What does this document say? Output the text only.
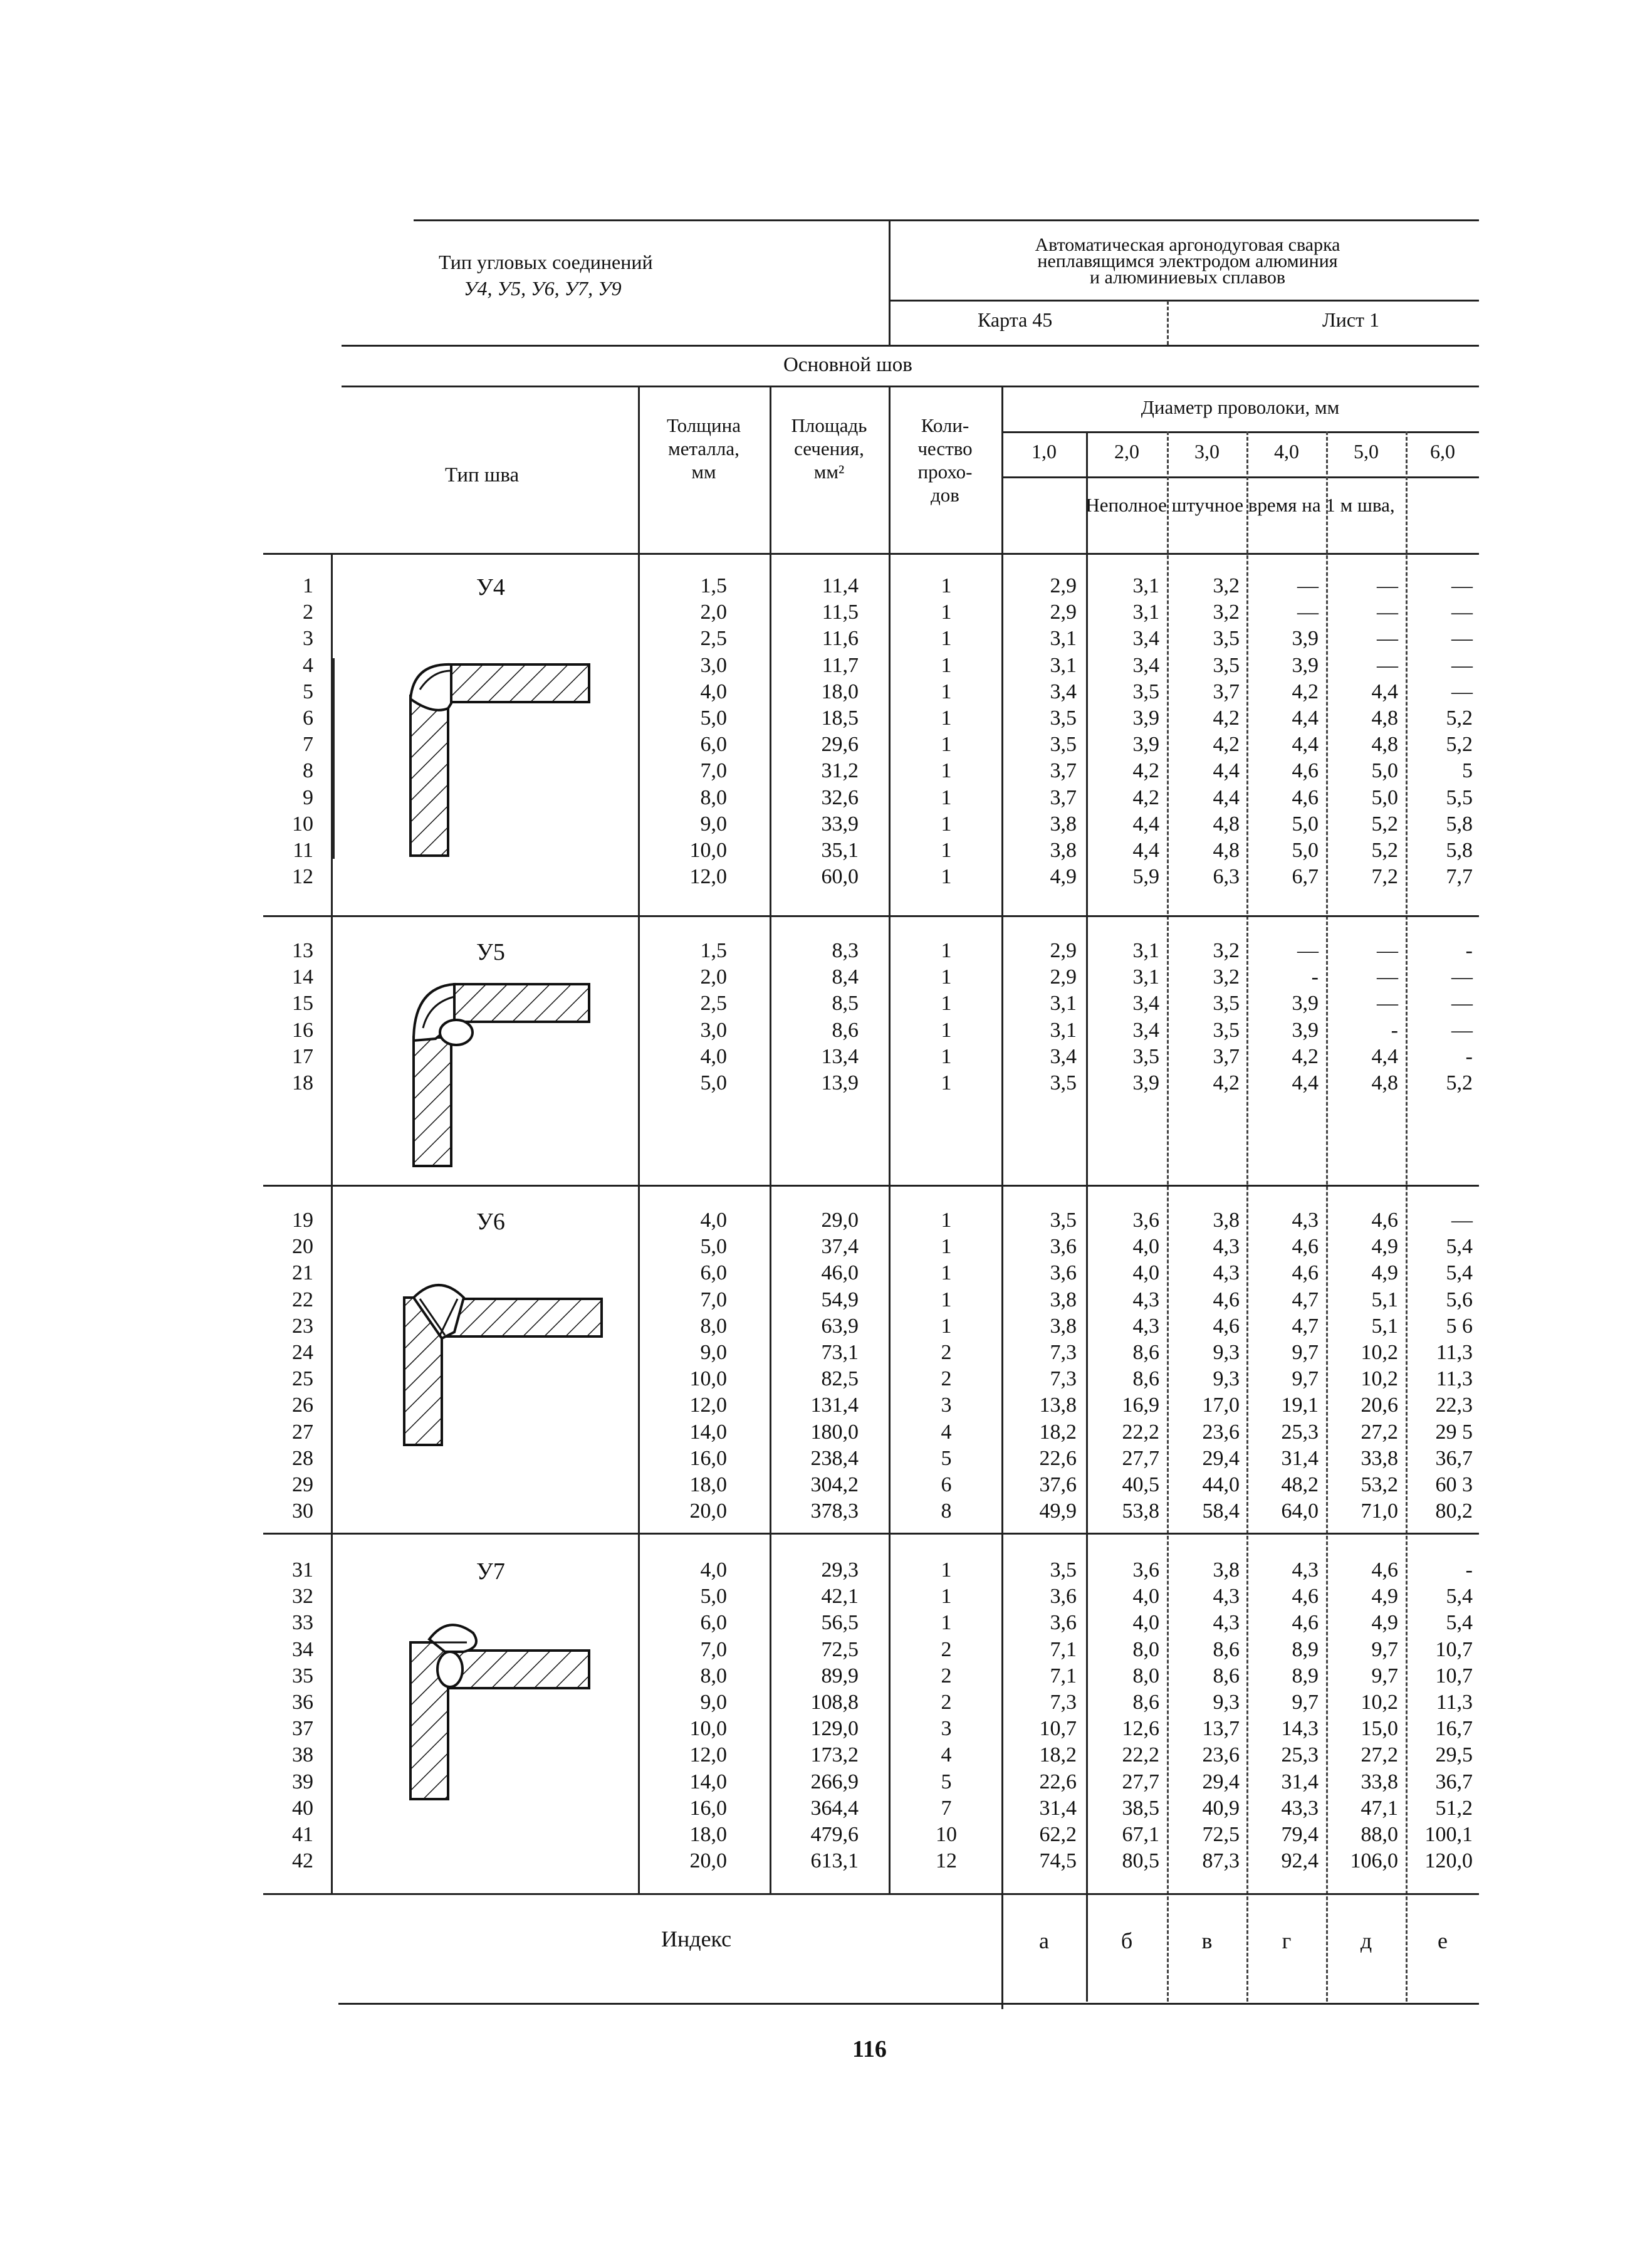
Тип угловых соединений
У4, У5, У6, У7, У9
Автоматическая аргонодуговая сварка
неплавящимся электродом алюминия
и алюминиевых сплавов
Карта 45	Лист 1
Основной шов
Тип шва
Толщина
металла,
мм
Площадь
сечения,
мм²
Коли-
чество
прохо-
дов
Диаметр проволоки, мм
Неполное штучное время на 1 м шва,
Индекс
У4
У5
У6
У7
116
1,0	2,0	3,0	4,0	5,0	6,0
а	б	в	г	д	е
1	1,5	11,4	1	2,9	3,1	3,2	—	—	—
2	2,0	11,5	1	2,9	3,1	3,2	—	—	—
3	2,5	11,6	1	3,1	3,4	3,5	3,9	—	—
4	3,0	11,7	1	3,1	3,4	3,5	3,9	—	—
5	4,0	18,0	1	3,4	3,5	3,7	4,2	4,4	—
6	5,0	18,5	1	3,5	3,9	4,2	4,4	4,8	5,2
7	6,0	29,6	1	3,5	3,9	4,2	4,4	4,8	5,2
8	7,0	31,2	1	3,7	4,2	4,4	4,6	5,0	5
9	8,0	32,6	1	3,7	4,2	4,4	4,6	5,0	5,5
10	9,0	33,9	1	3,8	4,4	4,8	5,0	5,2	5,8
11	10,0	35,1	1	3,8	4,4	4,8	5,0	5,2	5,8
12	12,0	60,0	1	4,9	5,9	6,3	6,7	7,2	7,7
13	1,5	8,3	1	2,9	3,1	3,2	—	—	-
14	2,0	8,4	1	2,9	3,1	3,2	-	—	—
15	2,5	8,5	1	3,1	3,4	3,5	3,9	—	—
16	3,0	8,6	1	3,1	3,4	3,5	3,9	-	—
17	4,0	13,4	1	3,4	3,5	3,7	4,2	4,4	-
18	5,0	13,9	1	3,5	3,9	4,2	4,4	4,8	5,2
19	4,0	29,0	1	3,5	3,6	3,8	4,3	4,6	—
20	5,0	37,4	1	3,6	4,0	4,3	4,6	4,9	5,4
21	6,0	46,0	1	3,6	4,0	4,3	4,6	4,9	5,4
22	7,0	54,9	1	3,8	4,3	4,6	4,7	5,1	5,6
23	8,0	63,9	1	3,8	4,3	4,6	4,7	5,1	5 6
24	9,0	73,1	2	7,3	8,6	9,3	9,7	10,2	11,3
25	10,0	82,5	2	7,3	8,6	9,3	9,7	10,2	11,3
26	12,0	131,4	3	13,8	16,9	17,0	19,1	20,6	22,3
27	14,0	180,0	4	18,2	22,2	23,6	25,3	27,2	29 5
28	16,0	238,4	5	22,6	27,7	29,4	31,4	33,8	36,7
29	18,0	304,2	6	37,6	40,5	44,0	48,2	53,2	60 3
30	20,0	378,3	8	49,9	53,8	58,4	64,0	71,0	80,2
31	4,0	29,3	1	3,5	3,6	3,8	4,3	4,6	-
32	5,0	42,1	1	3,6	4,0	4,3	4,6	4,9	5,4
33	6,0	56,5	1	3,6	4,0	4,3	4,6	4,9	5,4
34	7,0	72,5	2	7,1	8,0	8,6	8,9	9,7	10,7
35	8,0	89,9	2	7,1	8,0	8,6	8,9	9,7	10,7
36	9,0	108,8	2	7,3	8,6	9,3	9,7	10,2	11,3
37	10,0	129,0	3	10,7	12,6	13,7	14,3	15,0	16,7
38	12,0	173,2	4	18,2	22,2	23,6	25,3	27,2	29,5
39	14,0	266,9	5	22,6	27,7	29,4	31,4	33,8	36,7
40	16,0	364,4	7	31,4	38,5	40,9	43,3	47,1	51,2
41	18,0	479,6	10	62,2	67,1	72,5	79,4	88,0	100,1
42	20,0	613,1	12	74,5	80,5	87,3	92,4	106,0	120,0
